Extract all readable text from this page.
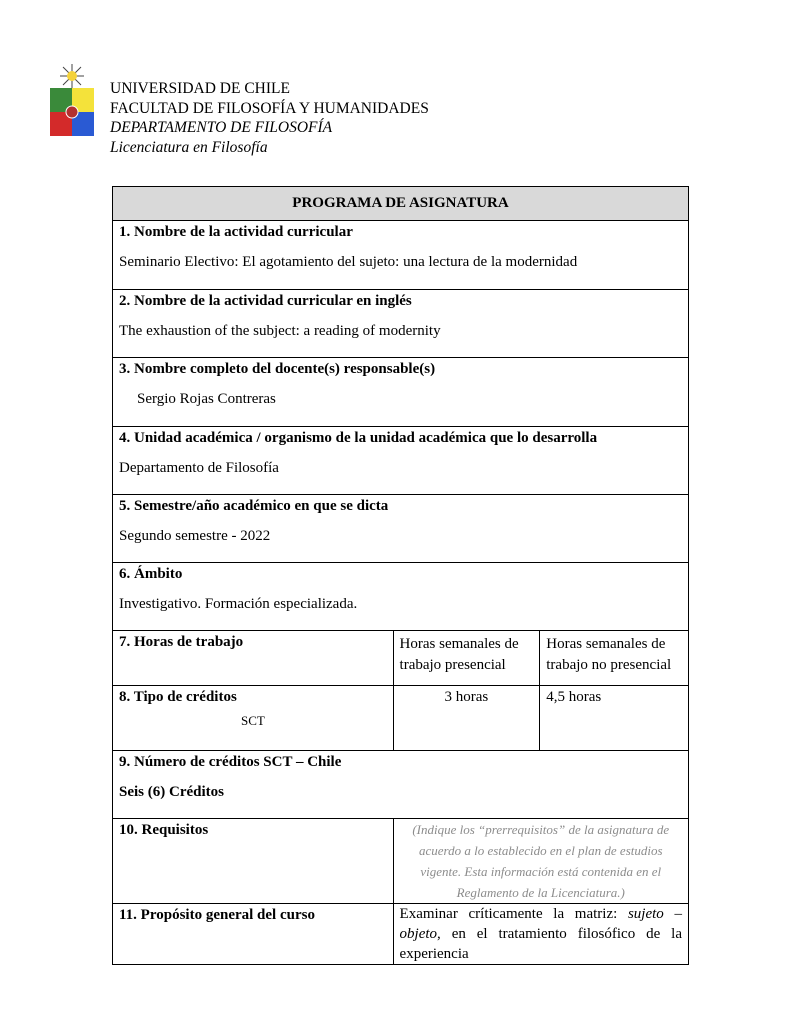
UNIVERSIDAD DE CHILE
FACULTAD DE FILOSOFÍA Y HUMANIDADES
DEPARTAMENTO DE FILOSOFÍA
Licenciatura en Filosofía
PROGRAMA DE ASIGNATURA		

1. Nombre de la actividad curricular
Seminario Electivo: El agotamiento del sujeto: una lectura de la modernidad		

2. Nombre de la actividad curricular en inglés
The exhaustion of the subject: a reading of modernity		

3. Nombre completo del docente(s) responsable(s)
Sergio Rojas Contreras		

4. Unidad académica / organismo de la unidad académica que lo desarrolla
Departamento de Filosofía		

5. Semestre/año académico en que se dicta
Segundo semestre - 2022		

6. Ámbito
Investigativo. Formación especializada.		

7. Horas de trabajo	Horas semanales de trabajo presencial	Horas semanales de trabajo no presencial

8. Tipo de créditos
SCT	3 horas	4,5 horas

9. Número de créditos SCT – Chile
Seis (6) Créditos		

10. Requisitos	(Indique los “prerrequisitos” de la asignatura de acuerdo a lo establecido en el plan de estudios vigente. Esta información está contenida en el Reglamento de la Licenciatura.)	
11. Propósito general del curso	Examinar críticamente la matriz: sujeto – objeto, en el tratamiento filosófico de la experiencia	
